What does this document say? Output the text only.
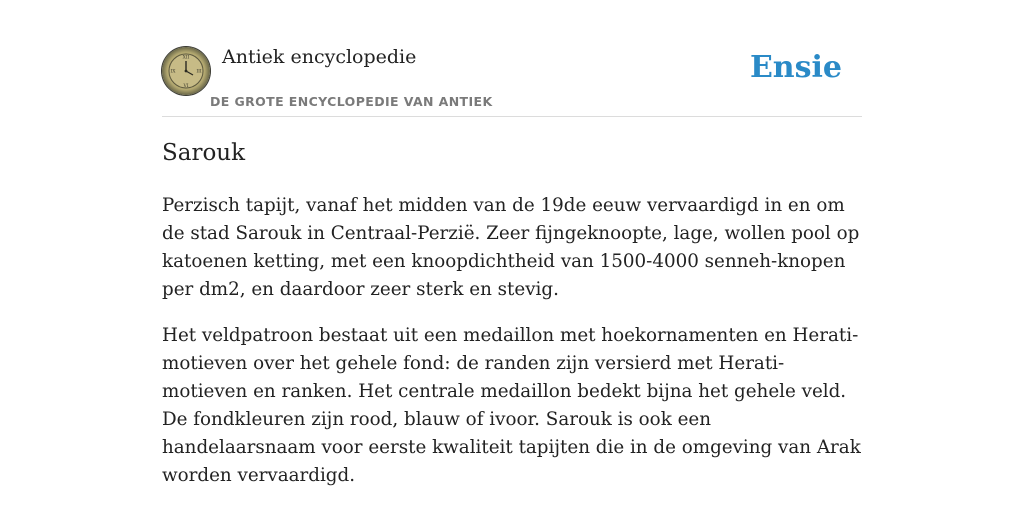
XII
III
VI
IX
Antiek encyclopedie
DE GROTE ENCYCLOPEDIE VAN ANTIEK
Ensie
Sarouk

Perzisch tapijt, vanaf het midden van de 19de eeuw vervaardigd in en om de stad Sarouk in Centraal-Perzië. Zeer fijngeknoopte, lage, wollen pool op katoenen ketting, met een knoopdichtheid van 1500-4000 senneh-knopen per dm2, en daardoor zeer sterk en stevig.

Het veldpatroon bestaat uit een medaillon met hoekornamenten en Herati-motieven over het gehele fond: de randen zijn versierd met Herati-motieven en ranken. Het centrale medaillon bedekt bijna het gehele veld. De fondkleuren zijn rood, blauw of ivoor. Sarouk is ook een handelaarsnaam voor eerste kwaliteit tapijten die in de omgeving van Arak worden vervaardigd.
